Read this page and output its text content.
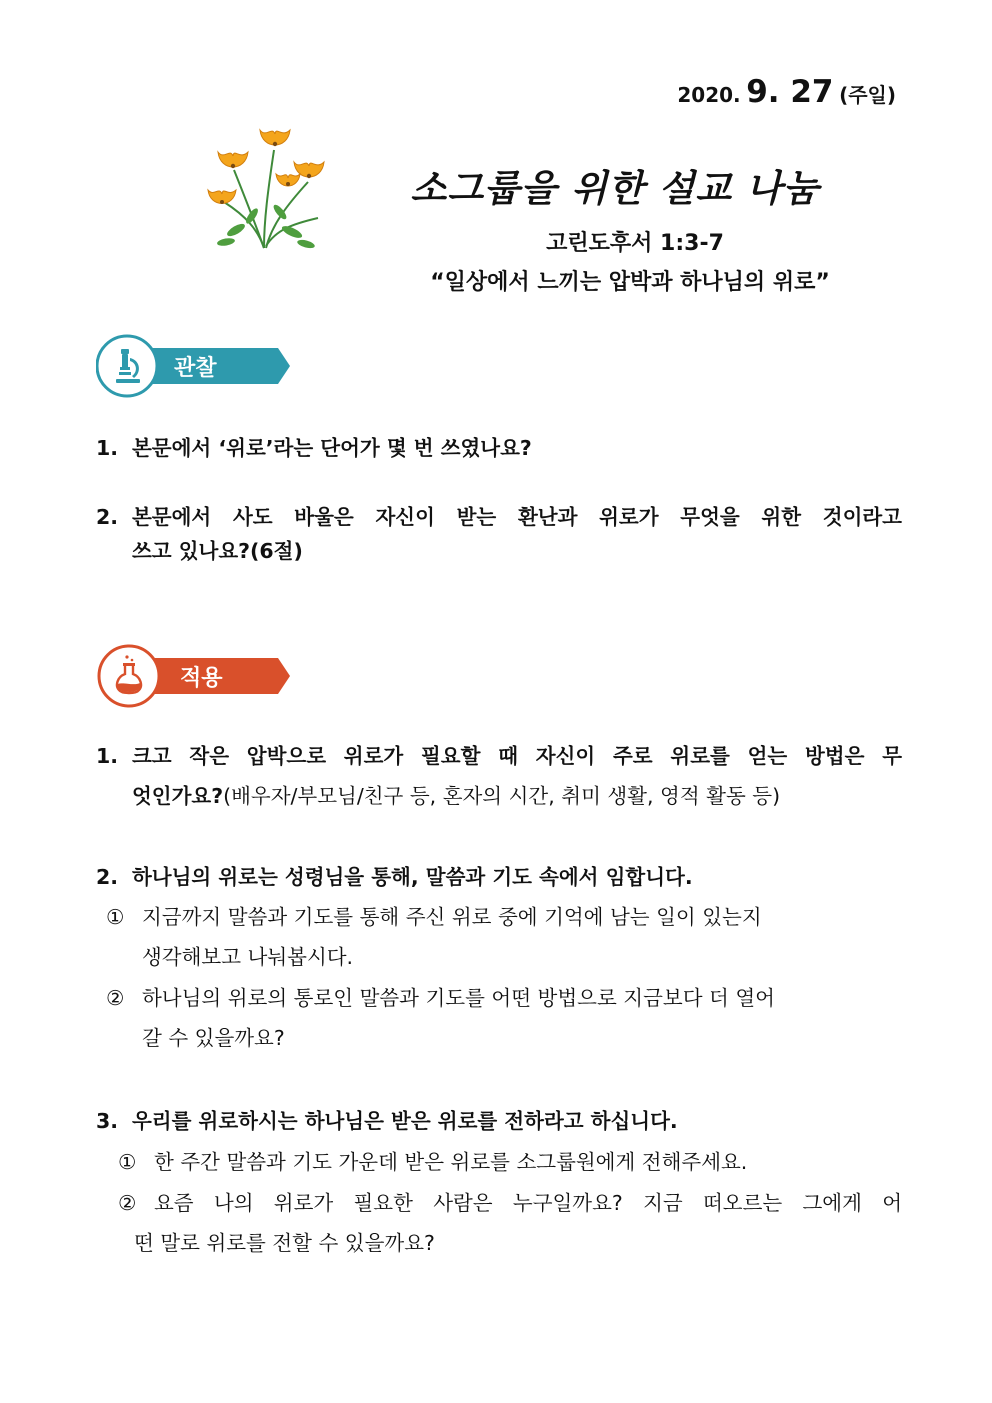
2020. 9. 27 (주일)
소그룹을 위한 설교 나눔
고린도후서 1:3-7
“일상에서 느끼는 압박과 하나님의 위로”
관찰
1. 본문에서 ‘위로’라는 단어가 몇 번 쓰였나요?
2. 본문에서 사도 바울은 자신이 받는 환난과 위로가 무엇을 위한 것이라고
쓰고 있나요?(6절)
적용
1. 크고 작은 압박으로 위로가 필요할 때 자신이 주로 위로를 얻는 방법은 무
엇인가요?(배우자/부모님/친구 등, 혼자의 시간, 취미 생활, 영적 활동 등)
2. 하나님의 위로는 성령님을 통해, 말씀과 기도 속에서 임합니다.
① 지금까지 말씀과 기도를 통해 주신 위로 중에 기억에 남는 일이 있는지
생각해보고 나눠봅시다.
② 하나님의 위로의 통로인 말씀과 기도를 어떤 방법으로 지금보다 더 열어
갈 수 있을까요?
3. 우리를 위로하시는 하나님은 받은 위로를 전하라고 하십니다.
① 한 주간 말씀과 기도 가운데 받은 위로를 소그룹원에게 전해주세요.
② 요즘 나의 위로가 필요한 사람은 누구일까요? 지금 떠오르는 그에게 어
떤 말로 위로를 전할 수 있을까요?
